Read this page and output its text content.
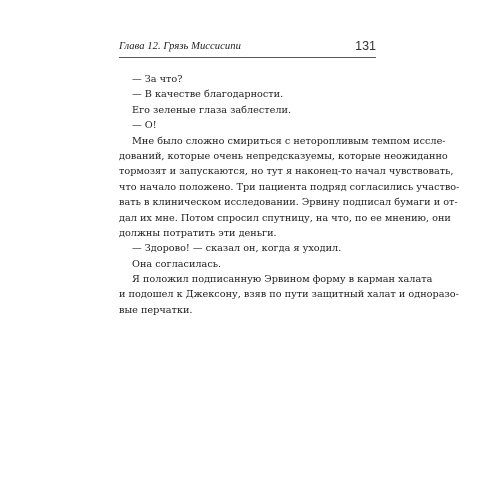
Глава 12. Грязь Миссисипи	131
— За что?
— В качестве благодарности.
Его зеленые глаза заблестели.
— О!
Мне было сложно смириться с неторопливым темпом исслe-
дований, которые очень непредсказуемы, которые неожиданно
тормозят и запускаются, но тут я наконец-то начал чувствовать,
что начало положено. Три пациента подряд согласились участво-
вать в клиническом исследовании. Эрвину подписал бумаги и от-
дал их мне. Потом спросил спутницу, на что, по ее мнению, они
должны потратить эти деньги.
— Здорово! — сказал он, когда я уходил.
Она согласилась.
Я положил подписанную Эрвином форму в карман халата
и подошел к Джексону, взяв по пути защитный халат и одноразо-
вые перчатки.
